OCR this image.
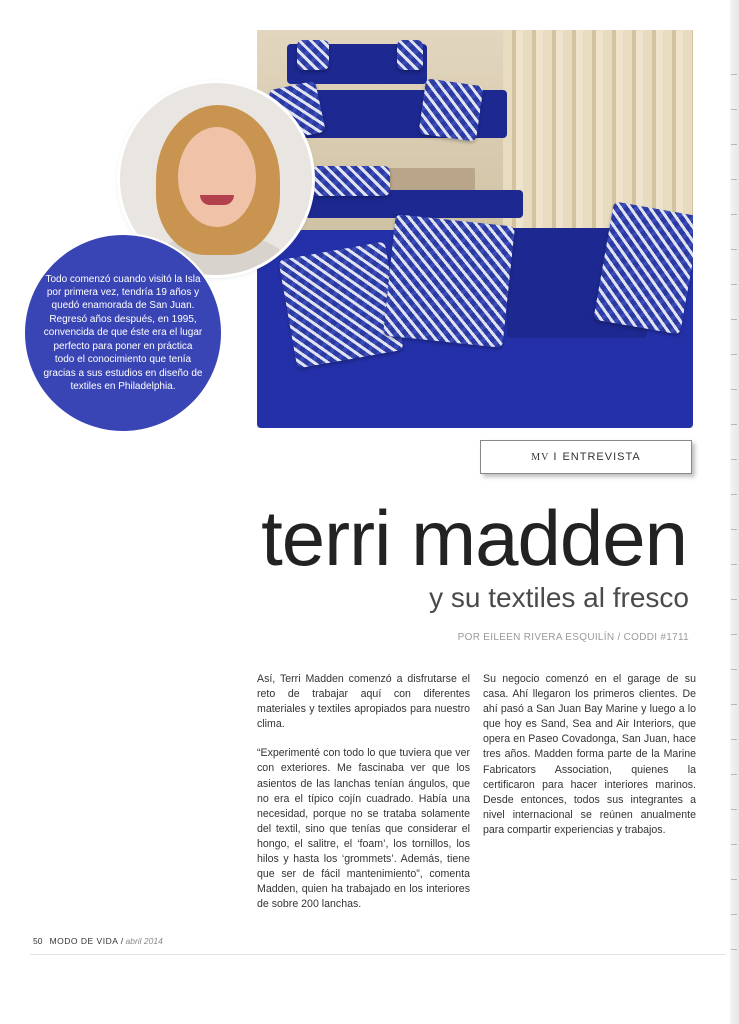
Todo comenzó cuando visitó la Isla por primera vez, tendría 19 años y quedó enamorada de San Juan. Regresó años después, en 1995, convencida de que éste era el lugar perfecto para poner en práctica todo el conocimiento que tenía gracias a sus estudios en diseño de textiles en Philadelphia.

MV I ENTREVISTA
terri madden
y su textiles al fresco
POR EILEEN RIVERA ESQUILÍN / CODDI #1711

Así, Terri Madden comenzó a disfrutarse el reto de trabajar aquí con diferentes materiales y textiles apropiados para nuestro clima.

“Experimenté con todo lo que tuviera que ver con exteriores. Me fascinaba ver que los asientos de las lanchas tenían ángulos, que no era el típico cojín cuadrado. Había una necesidad, porque no se trataba solamente del textil, sino que tenías que considerar el hongo, el salitre, el ‘foam’, los tornillos, los hilos y hasta los ‘grommets’. Además, tiene que ser de fácil mantenimiento”, comenta Madden, quien ha trabajado en los interiores de sobre 200 lanchas.

Su negocio comenzó en el garage de su casa. Ahí llegaron los primeros clientes. De ahí pasó a San Juan Bay Marine y luego a lo que hoy es Sand, Sea and Air Interiors, que opera en Paseo Covadonga, San Juan, hace tres años. Madden forma parte de la Marine Fabricators Association, quienes la certificaron para hacer interiores marinos. Desde entonces, todos sus integrantes a nivel internacional se reúnen anualmente para compartir experiencias y trabajos.

50 MODO DE VIDA / abril 2014
